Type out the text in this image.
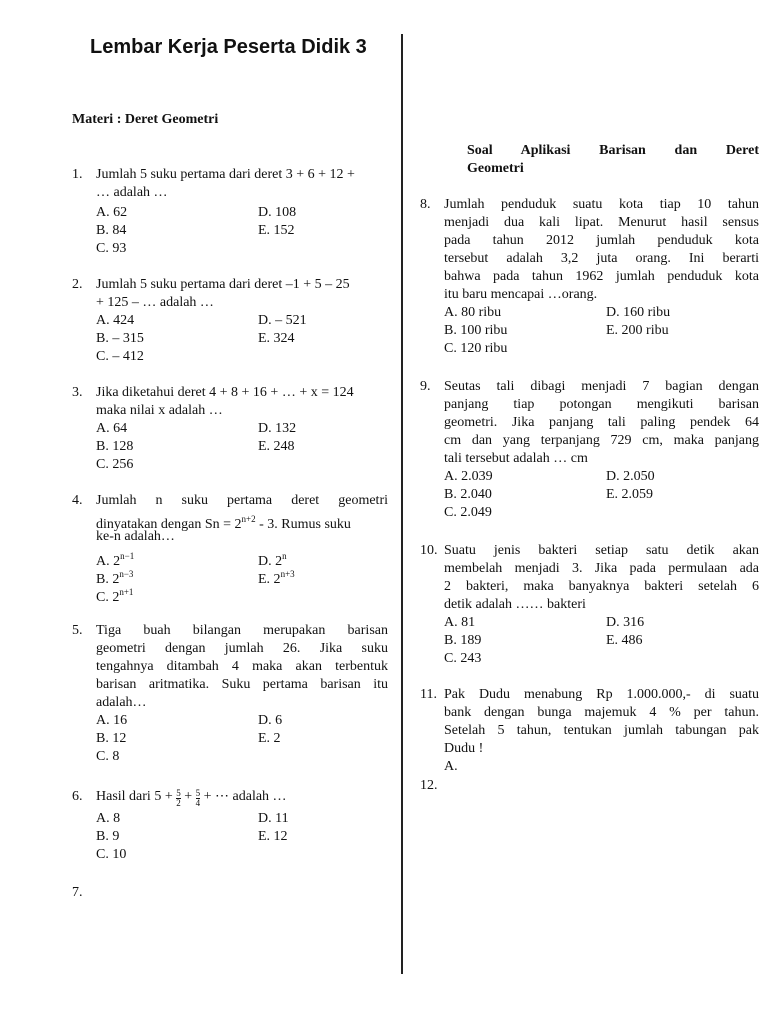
Lembar Kerja Peserta Didik 3
Materi : Deret Geometri
1. Jumlah 5 suku pertama dari deret 3 + 6 + 12 +
… adalah …
A. 62
B. 84
C. 93
D. 108
E. 152
2. Jumlah 5 suku pertama dari deret –1 + 5 – 25
+ 125 – … adalah …
A. 424
B. – 315
C. – 412
D. – 521
E. 324
3. Jika diketahui deret 4 + 8 + 16 + … + x = 124
maka nilai x adalah …
A. 64
B. 128
C. 256
D. 132
E. 248
4. Jumlah n suku pertama deret geometri
dinyatakan dengan $Sn = 2^{n+2} - 3$. Rumus suku
ke-n adalah…
A. $2^{n-1}$
B. $2^{n-3}$
C. $2^{n+1}$
D. 2$^n$
E. $2^{n+3}$
5. Tiga buah bilangan merupakan barisan
geometri dengan jumlah 26. Jika suku
tengahnya ditambah 4 maka akan terbentuk
barisan aritmatika. Suku pertama barisan itu
adalah…
A. 16
B. 12
C. 8
D. 6
E. 2
6. Hasil dari $5 + \frac{5}{2} + \frac{5}{4}$ + ⋯ adalah …
A. 8
B. 9
C. 10
D. 11
E. 12
7.
Soal Aplikasi Barisan dan Deret
Geometri
8. Jumlah penduduk suatu kota tiap 10 tahun
menjadi dua kali lipat. Menurut hasil sensus
pada tahun 2012 jumlah penduduk kota
tersebut adalah 3,2 juta orang. Ini berarti
bahwa pada tahun 1962 jumlah penduduk kota
itu baru mencapai …orang.
A. 80 ribu
B. 100 ribu
C. 120 ribu
D. 160 ribu
E. 200 ribu
9. Seutas tali dibagi menjadi 7 bagian dengan
panjang tiap potongan mengikuti barisan
geometri. Jika panjang tali paling pendek 64
cm dan yang terpanjang 729 cm, maka panjang
tali tersebut adalah … cm
A. 2.039
B. 2.040
C. 2.049
D. 2.050
E. 2.059
10. Suatu jenis bakteri setiap satu detik akan
membelah menjadi 3. Jika pada permulaan ada
2 bakteri, maka banyaknya bakteri setelah 6
detik adalah …… bakteri
A. 81
B. 189
C. 243
D. 316
E. 486
11. Pak Dudu menabung Rp 1.000.000,- di suatu
bank dengan bunga majemuk 4 % per tahun.
Setelah 5 tahun, tentukan jumlah tabungan pak
Dudu !
A.
12.
